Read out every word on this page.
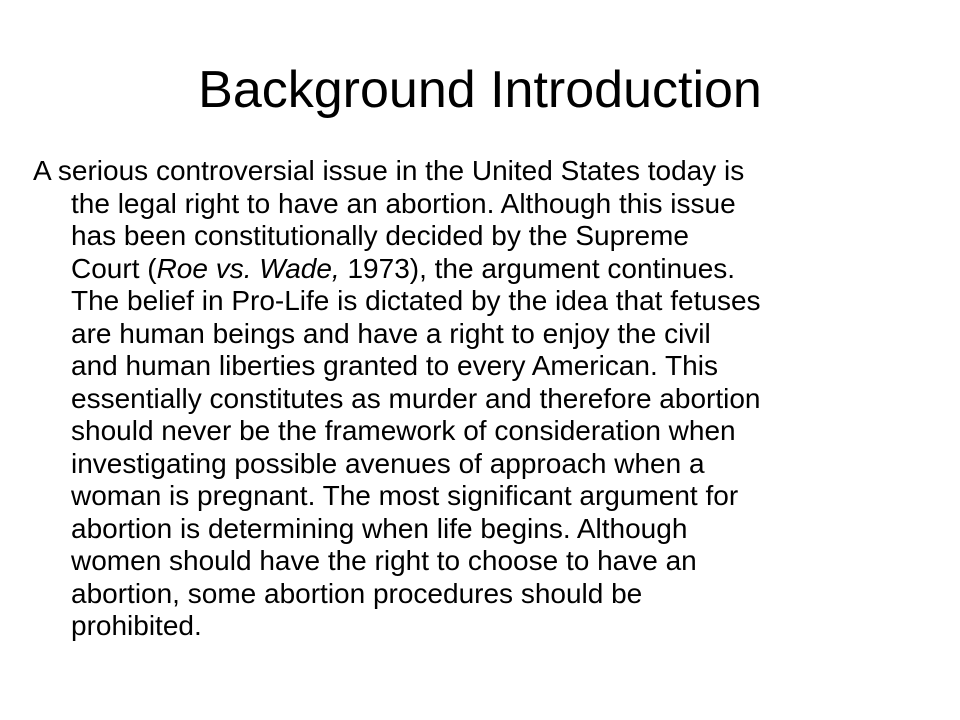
Background Introduction
A serious controversial issue in the United States today is
the legal right to have an abortion. Although this issue
has been constitutionally decided by the Supreme
Court (Roe vs. Wade, 1973), the argument continues.
The belief in Pro-Life is dictated by the idea that fetuses
are human beings and have a right to enjoy the civil
and human liberties granted to every American. This
essentially constitutes as murder and therefore abortion
should never be the framework of consideration when
investigating possible avenues of approach when a
woman is pregnant. The most significant argument for
abortion is determining when life begins. Although
women should have the right to choose to have an
abortion, some abortion procedures should be
prohibited.
